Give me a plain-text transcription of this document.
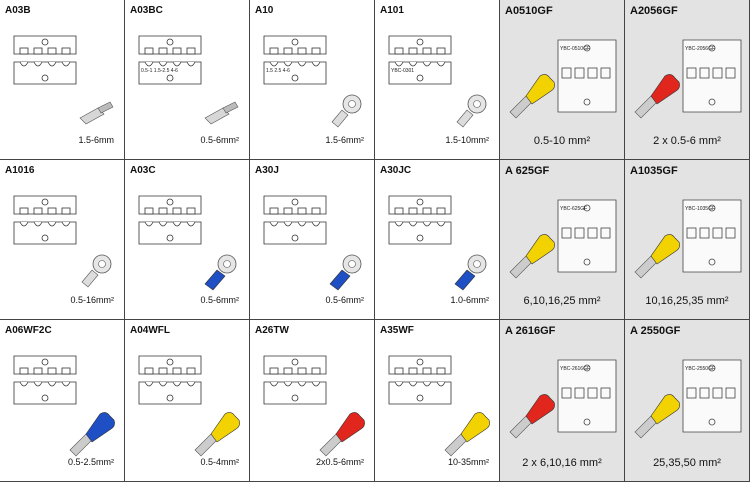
A03B
1.5-6mm
A03BC
0.5-6mm²
0.5-1 1.5-2.5 4-6
A10
1.5-6mm²
1.5 2.5 4-6
A101
1.5-10mm²
YBC-0301
A0510GF
0.5-10 mm²
YBC-0510GF
A2056GF
2 x 0.5-6 mm²
YBC-2056GF
A1016
0.5-16mm²
A03C
0.5-6mm²
A30J
0.5-6mm²
A30JC
1.0-6mm²
A 625GF
6,10,16,25 mm²
YBC-625GF
A1035GF
10,16,25,35 mm²
YBC-1035GF
A06WF2C
0.5-2.5mm²
A04WFL
0.5-4mm²
A26TW
2x0.5-6mm²
A35WF
10-35mm²
A 2616GF
2 x 6,10,16 mm²
YBC-2616GF
A 2550GF
25,35,50 mm²
YBC-2550GF
